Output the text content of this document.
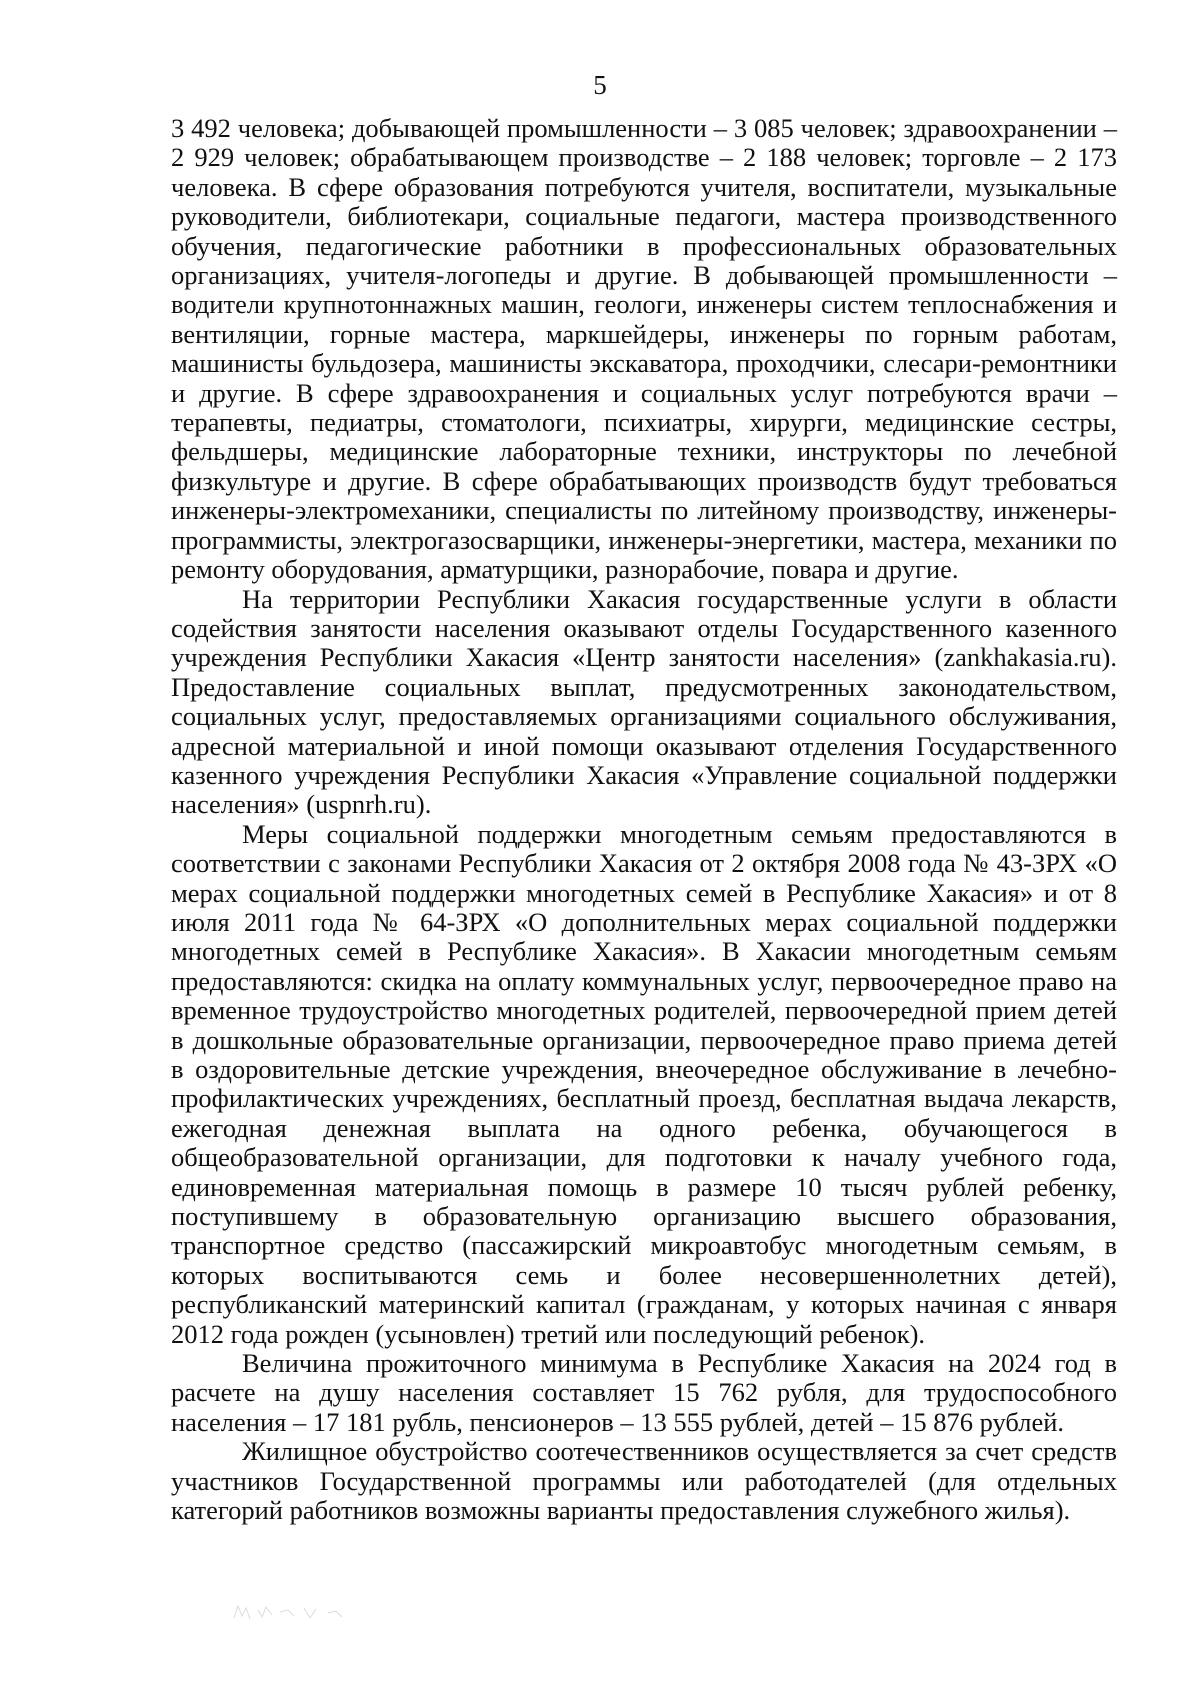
5

3 492 человека; добывающей промышленности – 3 085 человек; здравоохранении – 2 929 человек; обрабатывающем производстве – 2 188 человек; торговле – 2 173 человека. В сфере образования потребуются учителя, воспитатели, музыкальные руководители, библиотекари, социальные педагоги, мастера производственного обучения, педагогические работники в профессиональных образовательных организациях, учителя-логопеды и другие. В добывающей промышленности – водители крупнотоннажных машин, геологи, инженеры систем теплоснабжения и вентиляции, горные мастера, маркшейдеры, инженеры по горным работам, машинисты бульдозера, машинисты экскаватора, проходчики, слесари-ремонтники и другие. В сфере здравоохранения и социальных услуг потребуются врачи – терапевты, педиатры, стоматологи, психиатры, хирурги, медицинские сестры, фельдшеры, медицинские лабораторные техники, инструкторы по лечебной физкультуре и другие. В сфере обрабатывающих производств будут требоваться инженеры-электромеханики, специалисты по литейному производству, инженеры-программисты, электрогазосварщики, инженеры-энергетики, мастера, механики по ремонту оборудования, арматурщики, разнорабочие, повара и другие.

На территории Республики Хакасия государственные услуги в области содействия занятости населения оказывают отделы Государственного казенного учреждения Республики Хакасия «Центр занятости населения» (zankhakasia.ru). Предоставление социальных выплат, предусмотренных законодательством, социальных услуг, предоставляемых организациями социального обслуживания, адресной материальной и иной помощи оказывают отделения Государственного казенного учреждения Республики Хакасия «Управление социальной поддержки населения» (uspnrh.ru).

Меры социальной поддержки многодетным семьям предоставляются в соответствии с законами Республики Хакасия от 2 октября 2008 года № 43-ЗРХ «О мерах социальной поддержки многодетных семей в Республике Хакасия» и от 8 июля 2011 года № 64-ЗРХ «О дополнительных мерах социальной поддержки многодетных семей в Республике Хакасия». В Хакасии многодетным семьям предоставляются: скидка на оплату коммунальных услуг, первоочередное право на временное трудоустройство многодетных родителей, первоочередной прием детей в дошкольные образовательные организации, первоочередное право приема детей в оздоровительные детские учреждения, внеочередное обслуживание в лечебно-профилактических учреждениях, бесплатный проезд, бесплатная выдача лекарств, ежегодная денежная выплата на одного ребенка, обучающегося в общеобразовательной организации, для подготовки к началу учебного года, единовременная материальная помощь в размере 10 тысяч рублей ребенку, поступившему в образовательную организацию высшего образования, транспортное средство (пассажирский микроавтобус многодетным семьям, в которых воспитываются семь и более несовершеннолетних детей), республиканский материнский капитал (гражданам, у которых начиная с января 2012 года рожден (усыновлен) третий или последующий ребенок).

Величина прожиточного минимума в Республике Хакасия на 2024 год в расчете на душу населения составляет 15 762 рубля, для трудоспособного населения – 17 181 рубль, пенсионеров – 13 555 рублей, детей – 15 876 рублей.

Жилищное обустройство соотечественников осуществляется за счет средств участников Государственной программы или работодателей (для отдельных категорий работников возможны варианты предоставления служебного жилья).
